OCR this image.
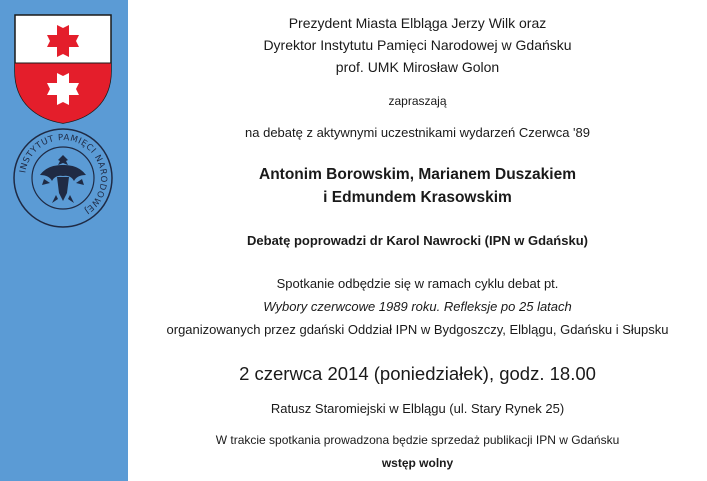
INSTYTUT PAMIĘCI NARODOWEJ
Prezydent Miasta Elbląga Jerzy Wilk oraz
Dyrektor Instytutu Pamięci Narodowej w Gdańsku
prof. UMK Mirosław Golon
zapraszają
na debatę z aktywnymi uczestnikami wydarzeń Czerwca '89
Antonim Borowskim, Marianem Duszakiem
i Edmundem Krasowskim
Debatę poprowadzi dr Karol Nawrocki (IPN w Gdańsku)
Spotkanie odbędzie się w ramach cyklu debat pt.
Wybory czerwcowe 1989 roku. Refleksje po 25 latach
organizowanych przez gdański Oddział IPN w Bydgoszczy, Elblągu, Gdańsku i Słupsku
2 czerwca 2014 (poniedziałek), godz. 18.00
Ratusz Staromiejski w Elblągu (ul. Stary Rynek 25)
W trakcie spotkania prowadzona będzie sprzedaż publikacji IPN w Gdańsku
wstęp wolny
